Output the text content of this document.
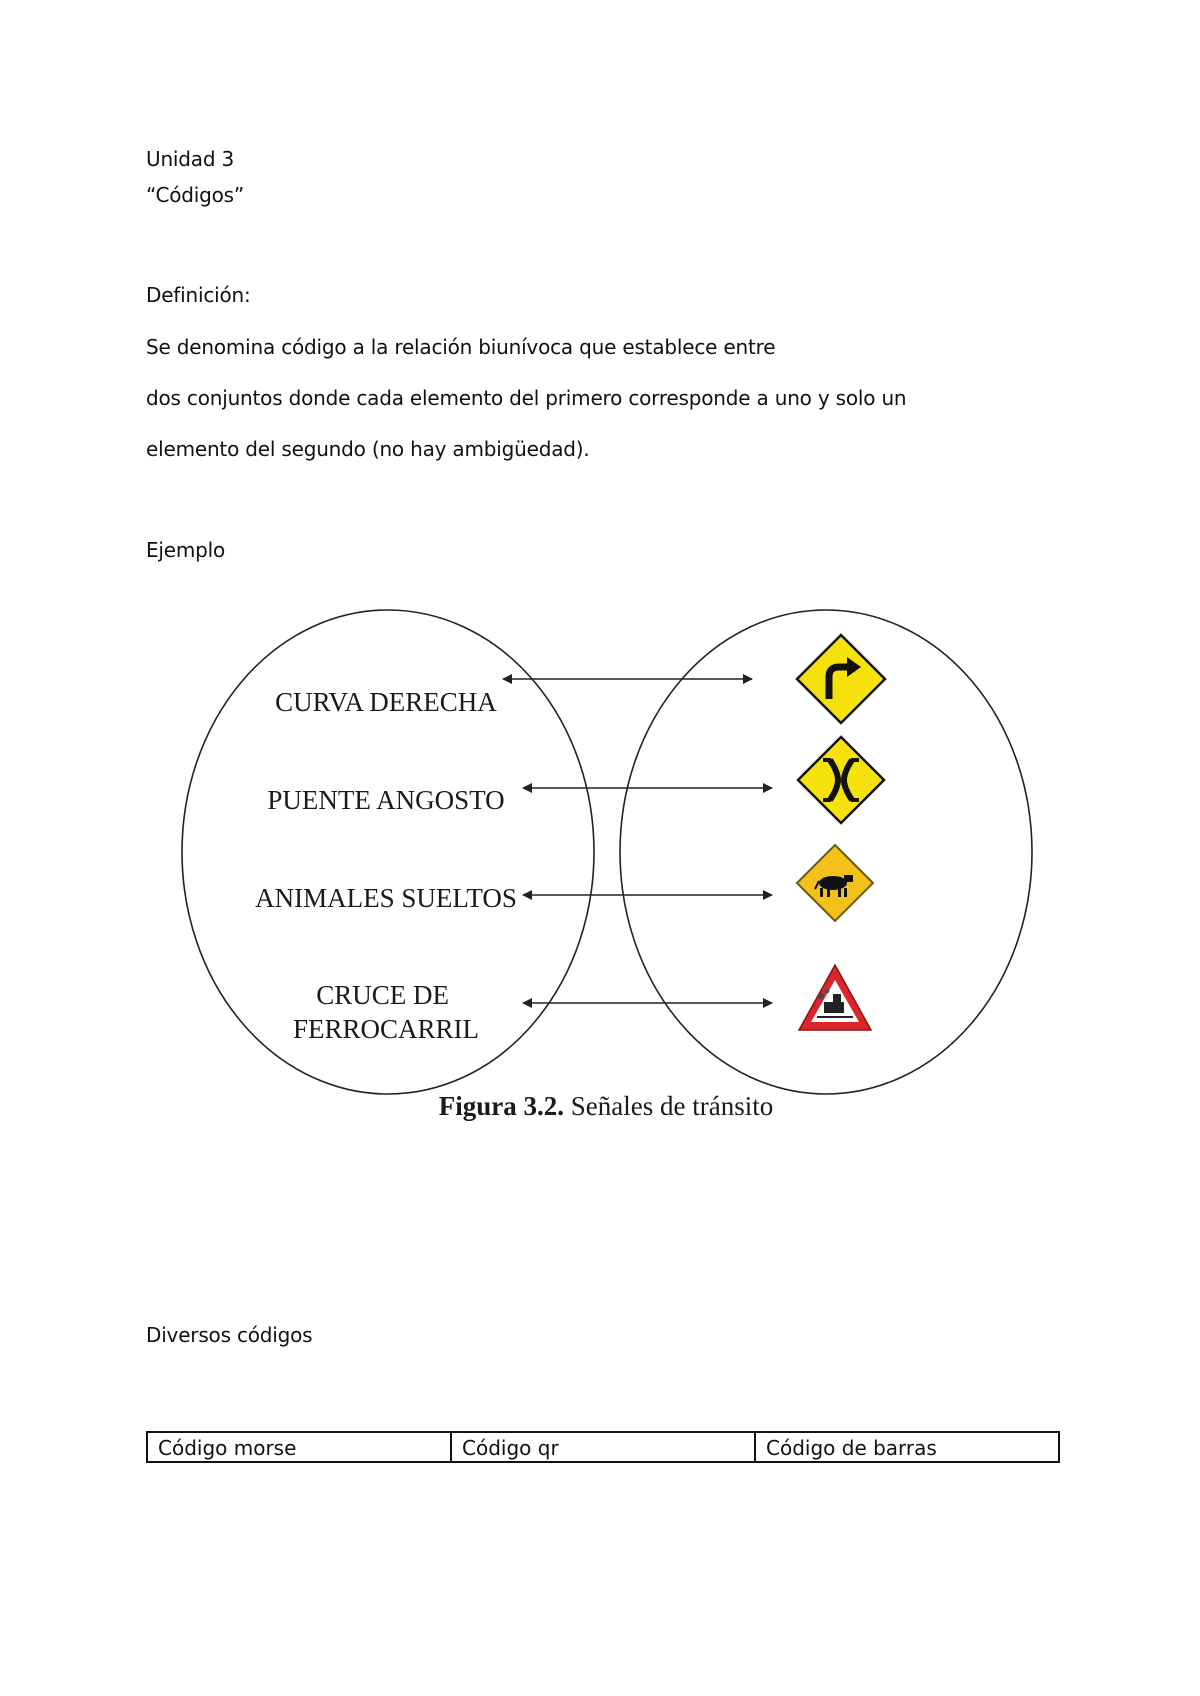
Unidad 3
“Códigos”
Definición:
Se denomina código a la relación biunívoca que establece entre
dos conjuntos donde cada elemento del primero corresponde a uno y solo un
elemento del segundo (no hay ambigüedad).
Ejemplo
CURVA DERECHA
PUENTE ANGOSTO
ANIMALES SUELTOS
CRUCE DE FERROCARRIL
Figura 3.2. Señales de tránsito
Diversos códigos
Código morse	Código qr	Código de barras
